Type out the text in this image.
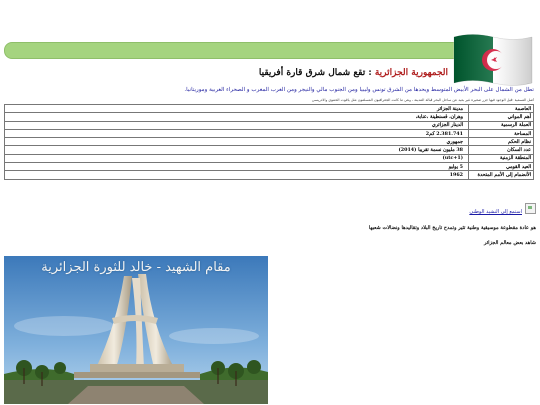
الجمهورية الجزائرية : تقع شمال شرق قارة أفريقيا
تطل من الشمال على البحر الأبيض المتوسط ويحدها من الشرق تونس وليبيا ومن الجنوب مالي والنيجر ومن الغرب المغرب و الصحراء الغربية وموريتانيا.
أصل التسمية :قيل الوجود فيها جزر صغيرة غير بعيد عن ساحل البحر قبالة المدينة ، وهي ما كانت الجغرافيون المسلمون مثل ياقوت الحموي والادريسي
العاصمة	مدينة الجزائر
أهم المواني	وهران، قسنطينة ،عنابة،
العملة الرسمية	الدينار الجزائري
المساحة	2.381.741 كم2
نظام الحكم	جمهوري
عدد السكان	38 مليون نسمة تقريبا (2014)
المنطقة الزمنية	(utc+1)
العيد القومي	5 يوليو
الأنضمام إلى الأمم المتحدة	1962
استمع إلى النشيد الوطني
هو عادة مقطوعة موسيقية وطنية تثير وتمدح تاريخ البلاد وتقاليدها ونضالات شعبها
شاهد بعض معالم الجزائر
مقام الشهيد - خالد للثورة الجزائرية
